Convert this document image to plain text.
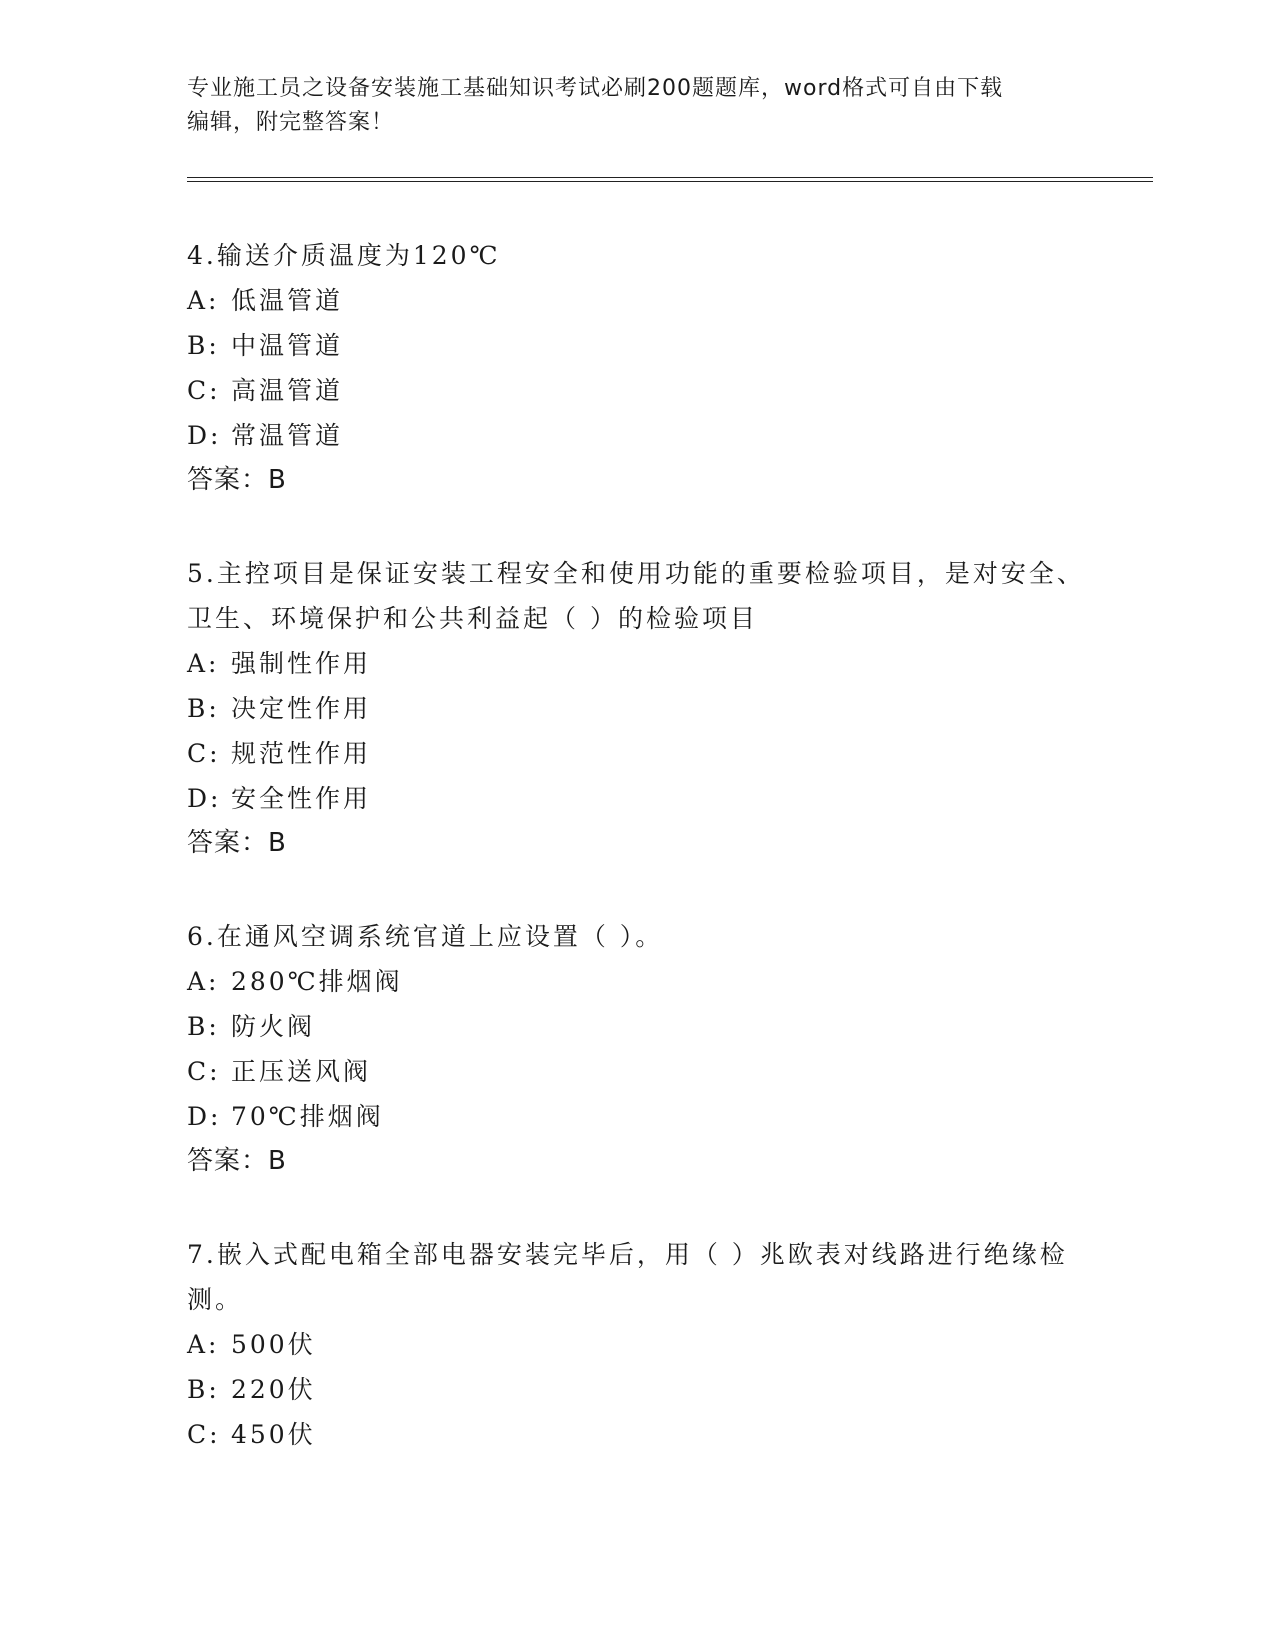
专业施工员之设备安装施工基础知识考试必刷200题题库，word格式可自由下载
编辑，附完整答案！

4.输送介质温度为120℃

A: 低温管道

B: 中温管道

C: 高温管道

D: 常温管道

答案：B

5.主控项目是保证安装工程安全和使用功能的重要检验项目，是对安全、卫生、环境保护和公共利益起（ ）的检验项目

A: 强制性作用

B: 决定性作用

C: 规范性作用

D: 安全性作用

答案：B

6.在通风空调系统官道上应设置（ ）。

A: 280℃排烟阀

B: 防火阀

C: 正压送风阀

D: 70℃排烟阀

答案：B

7.嵌入式配电箱全部电器安装完毕后，用（ ）兆欧表对线路进行绝缘检测。

A: 500伏

B: 220伏

C: 450伏
